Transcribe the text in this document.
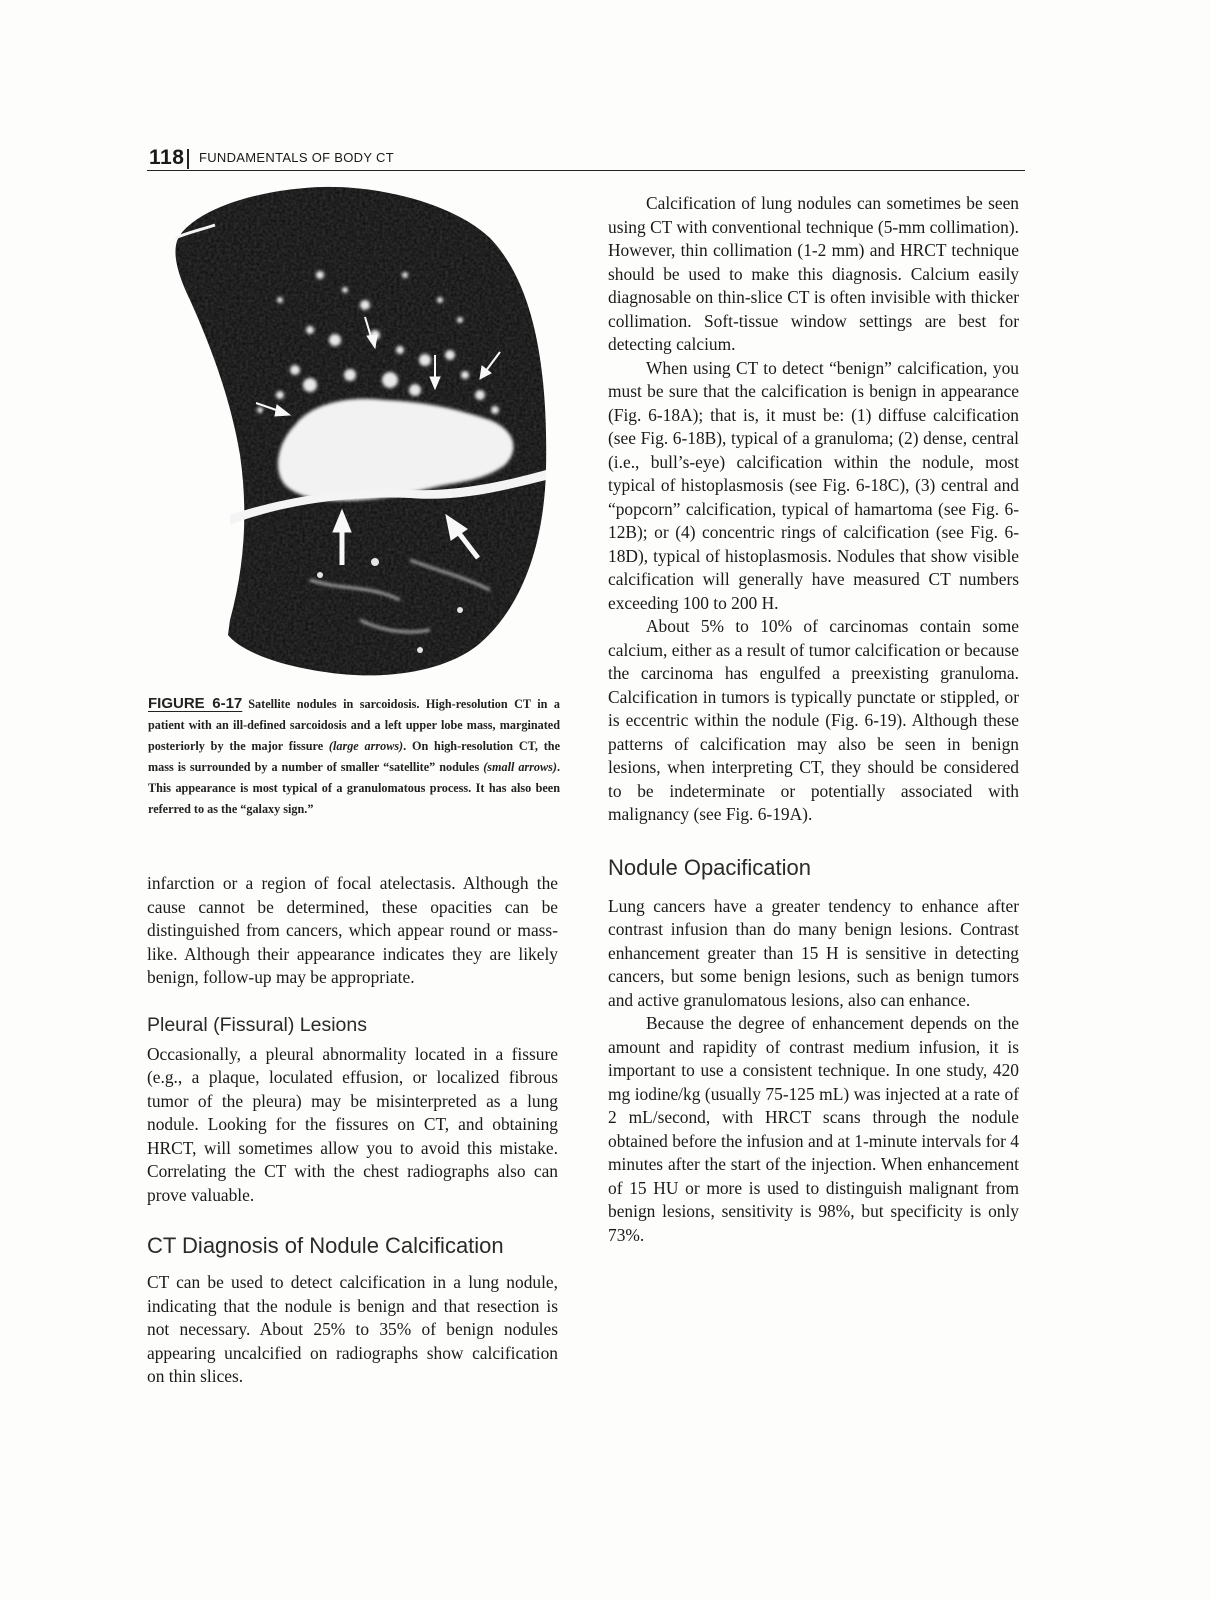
118 FUNDAMENTALS OF BODY CT
FIGURE 6-17 Satellite nodules in sarcoidosis. High-resolution CT in a patient with an ill-defined sarcoidosis and a left upper lobe mass, marginated posteriorly by the major fissure (large arrows). On high-resolution CT, the mass is surrounded by a number of smaller “satellite” nodules (small arrows). This appearance is most typical of a granulomatous process. It has also been referred to as the “galaxy sign.”

infarction or a region of focal atelectasis. Although the cause cannot be determined, these opacities can be distinguished from cancers, which appear round or mass-like. Although their appearance indicates they are likely benign, follow-up may be appropriate.

Pleural (Fissural) Lesions

Occasionally, a pleural abnormality located in a fissure (e.g., a plaque, loculated effusion, or localized fibrous tumor of the pleura) may be misinterpreted as a lung nodule. Looking for the fissures on CT, and obtaining HRCT, will sometimes allow you to avoid this mistake. Correlating the CT with the chest radiographs also can prove valuable.

CT Diagnosis of Nodule Calcification

CT can be used to detect calcification in a lung nodule, indicating that the nodule is benign and that resection is not necessary. About 25% to 35% of benign nodules appearing uncalcified on radiographs show calcification on thin slices.

Calcification of lung nodules can sometimes be seen using CT with conventional technique (5-mm collimation). However, thin collimation (1-2 mm) and HRCT technique should be used to make this diagnosis. Calcium easily diagnosable on thin-slice CT is often invisible with thicker collimation. Soft-tissue window settings are best for detecting calcium.

When using CT to detect “benign” calcification, you must be sure that the calcification is benign in appearance (Fig. 6-18A); that is, it must be: (1) diffuse calcification (see Fig. 6-18B), typical of a granuloma; (2) dense, central (i.e., bull’s-eye) calcification within the nodule, most typical of histoplasmosis (see Fig. 6-18C), (3) central and “popcorn” calcification, typical of hamartoma (see Fig. 6-12B); or (4) concentric rings of calcification (see Fig. 6-18D), typical of histoplasmosis. Nodules that show visible calcification will generally have measured CT numbers exceeding 100 to 200 H.

About 5% to 10% of carcinomas contain some calcium, either as a result of tumor calcification or because the carcinoma has engulfed a preexisting granuloma. Calcification in tumors is typically punctate or stippled, or is eccentric within the nodule (Fig. 6-19). Although these patterns of calcification may also be seen in benign lesions, when interpreting CT, they should be considered to be indeterminate or potentially associated with malignancy (see Fig. 6-19A).

Nodule Opacification

Lung cancers have a greater tendency to enhance after contrast infusion than do many benign lesions. Contrast enhancement greater than 15 H is sensitive in detecting cancers, but some benign lesions, such as benign tumors and active granulomatous lesions, also can enhance.

Because the degree of enhancement depends on the amount and rapidity of contrast medium infusion, it is important to use a consistent technique. In one study, 420 mg iodine/kg (usually 75-125 mL) was injected at a rate of 2 mL/second, with HRCT scans through the nodule obtained before the infusion and at 1-minute intervals for 4 minutes after the start of the injection. When enhancement of 15 HU or more is used to distinguish malignant from benign lesions, sensitivity is 98%, but specificity is only 73%.
